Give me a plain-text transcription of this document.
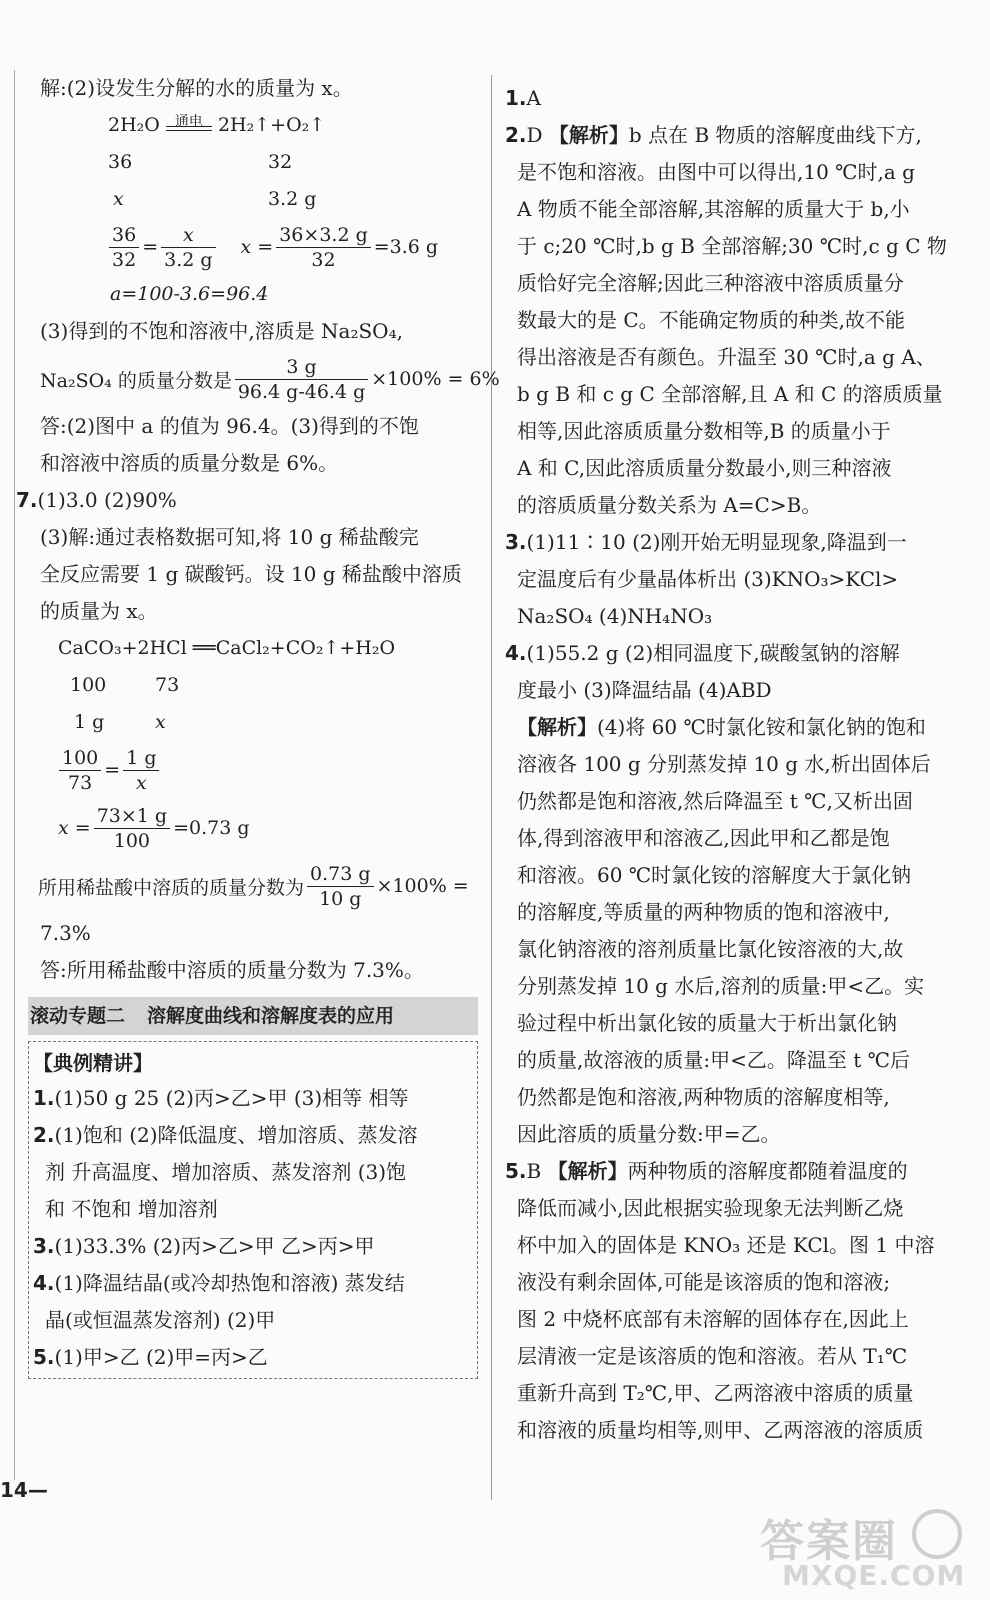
解:(2)设发生分解的水的质量为 x。
2H₂O	通电 2H₂↑+O₂↑
36	32
x	3.2 g
$\frac{36}{32} = \frac{x}{3.2 g}$ $x = \frac{36\times 3.2 g}{32} =3.6$ g
a=100-3.6=96.4
(3)得到的不饱和溶液中,溶质是 Na₂SO₄,
Na₂SO₄ 的质量分数是 $\frac{3 g}{96.4 g-46.4 g} \times 100\% = 6\%$
答:(2)图中 a 的值为 96.4。(3)得到的不饱
和溶液中溶质的质量分数是 6%。
7.(1)3.0 (2)90%
(3)解:通过表格数据可知,将 10 g 稀盐酸完
全反应需要 1 g 碳酸钙。设 10 g 稀盐酸中溶质
的质量为 x。
CaCO₃+2HCl ══CaCl₂+CO₂↑+H₂O
100	73
1 g	x
$\frac{100}{73} = \frac{1 g}{x}$
$x = \frac{73\times 1 g}{100} =0.73$ g
所用稀盐酸中溶质的质量分数为 $\frac{0.73 g}{10 g} \times 100\%$ =
7.3%
答:所用稀盐酸中溶质的质量分数为 7.3%。
滚动专题二 溶解度曲线和溶解度表的应用
【典例精讲】
1.(1)50 g 25 (2)丙>乙>甲 (3)相等 相等
2.(1)饱和 (2)降低温度、增加溶质、蒸发溶
剂 升高温度、增加溶质、蒸发溶剂 (3)饱
和 不饱和 增加溶剂
3.(1)33.3% (2)丙>乙>甲 乙>丙>甲
4.(1)降温结晶(或冷却热饱和溶液) 蒸发结
晶(或恒温蒸发溶剂) (2)甲
5.(1)甲>乙 (2)甲=丙>乙
1.A
2.D 【解析】b 点在 B 物质的溶解度曲线下方,
是不饱和溶液。由图中可以得出,10 ℃时,a g
A 物质不能全部溶解,其溶解的质量大于 b,小
于 c;20 ℃时,b g B 全部溶解;30 ℃时,c g C 物
质恰好完全溶解;因此三种溶液中溶质质量分
数最大的是 C。不能确定物质的种类,故不能
得出溶液是否有颜色。升温至 30 ℃时,a g A、
b g B 和 c g C 全部溶解,且 A 和 C 的溶质质量
相等,因此溶质质量分数相等,B 的质量小于
A 和 C,因此溶质质量分数最小,则三种溶液
的溶质质量分数关系为 A=C>B。
3.(1)11∶10 (2)刚开始无明显现象,降温到一
定温度后有少量晶体析出 (3)KNO₃>KCl>
Na₂SO₄ (4)NH₄NO₃
4.(1)55.2 g (2)相同温度下,碳酸氢钠的溶解
度最小 (3)降温结晶 (4)ABD
【解析】(4)将 60 ℃时氯化铵和氯化钠的饱和
溶液各 100 g 分别蒸发掉 10 g 水,析出固体后
仍然都是饱和溶液,然后降温至 t ℃,又析出固
体,得到溶液甲和溶液乙,因此甲和乙都是饱
和溶液。60 ℃时氯化铵的溶解度大于氯化钠
的溶解度,等质量的两种物质的饱和溶液中,
氯化钠溶液的溶剂质量比氯化铵溶液的大,故
分别蒸发掉 10 g 水后,溶剂的质量:甲<乙。实
验过程中析出氯化铵的质量大于析出氯化钠
的质量,故溶液的质量:甲<乙。降温至 t ℃后
仍然都是饱和溶液,两种物质的溶解度相等,
因此溶质的质量分数:甲=乙。
5.B 【解析】两种物质的溶解度都随着温度的
降低而减小,因此根据实验现象无法判断乙烧
杯中加入的固体是 KNO₃ 还是 KCl。图 1 中溶
液没有剩余固体,可能是该溶质的饱和溶液;
图 2 中烧杯底部有未溶解的固体存在,因此上
层清液一定是该溶质的饱和溶液。若从 T₁℃
重新升高到 T₂℃,甲、乙两溶液中溶质的质量
和溶液的质量均相等,则甲、乙两溶液的溶质质
14—
答案圈
MXQE.COM
